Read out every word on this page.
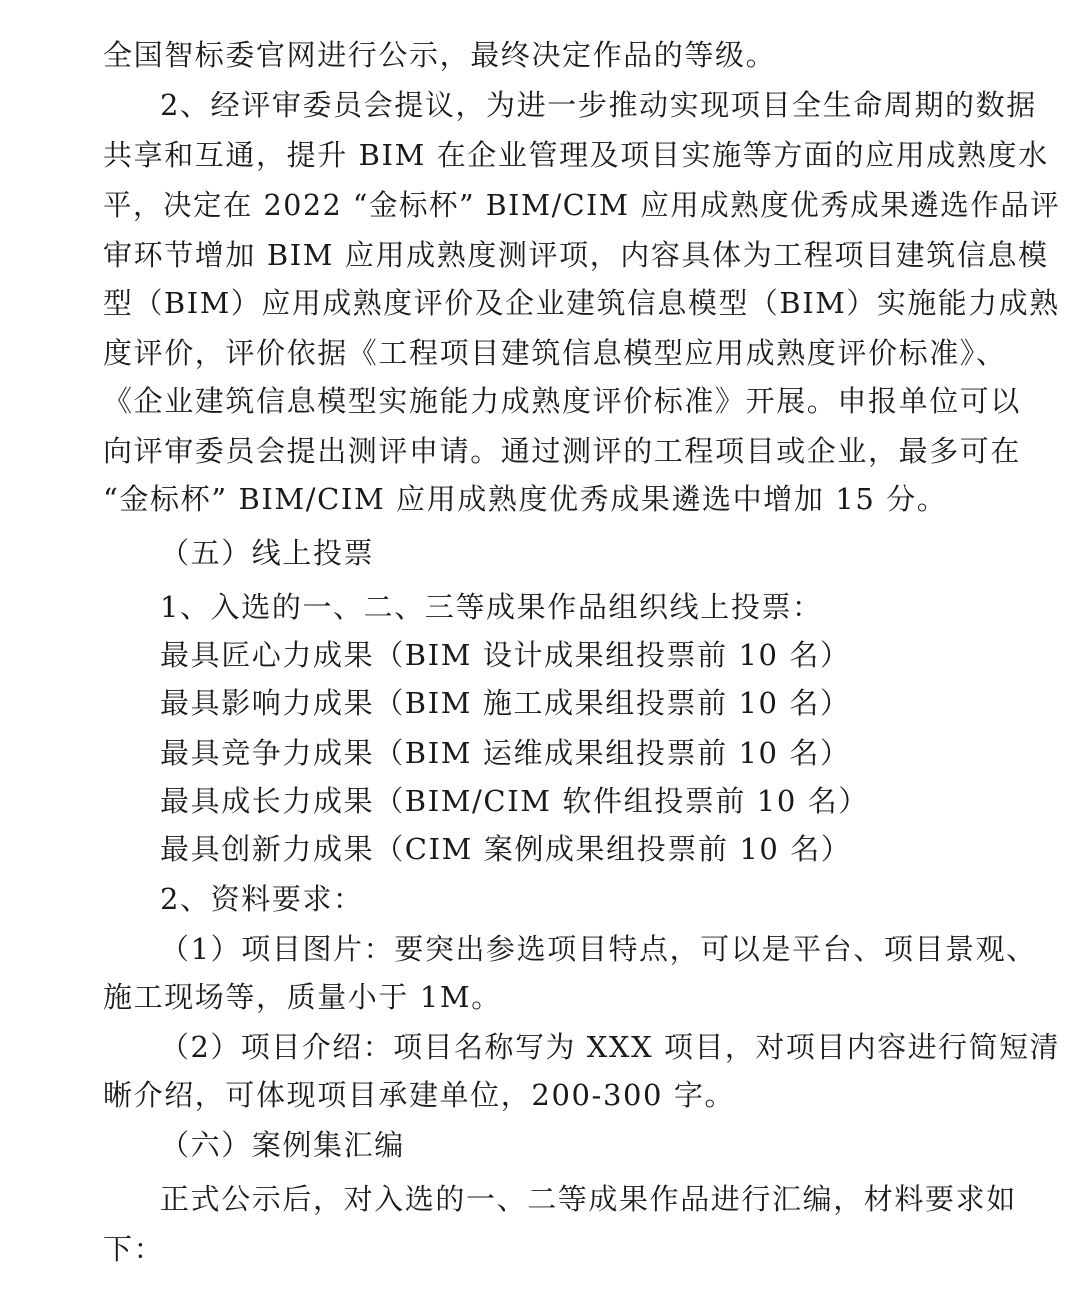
全国智标委官网进行公示，最终决定作品的等级。

2、经评审委员会提议，为进一步推动实现项目全生命周期的数据

共享和互通，提升 BIM 在企业管理及项目实施等方面的应用成熟度水

平，决定在 2022 “金标杯” BIM/CIM 应用成熟度优秀成果遴选作品评

审环节增加 BIM 应用成熟度测评项，内容具体为工程项目建筑信息模

型（BIM）应用成熟度评价及企业建筑信息模型（BIM）实施能力成熟

度评价，评价依据《工程项目建筑信息模型应用成熟度评价标准》、

《企业建筑信息模型实施能力成熟度评价标准》开展。申报单位可以

向评审委员会提出测评申请。通过测评的工程项目或企业，最多可在

“金标杯” BIM/CIM 应用成熟度优秀成果遴选中增加 15 分。

（五）线上投票

1、入选的一、二、三等成果作品组织线上投票：

最具匠心力成果（BIM 设计成果组投票前 10 名）

最具影响力成果（BIM 施工成果组投票前 10 名）

最具竞争力成果（BIM 运维成果组投票前 10 名）

最具成长力成果（BIM/CIM 软件组投票前 10 名）

最具创新力成果（CIM 案例成果组投票前 10 名）

2、资料要求：

（1）项目图片：要突出参选项目特点，可以是平台、项目景观、

施工现场等，质量小于 1M。

（2）项目介绍：项目名称写为 XXX 项目，对项目内容进行简短清

晰介绍，可体现项目承建单位，200-300 字。

（六）案例集汇编

正式公示后，对入选的一、二等成果作品进行汇编，材料要求如

下：
